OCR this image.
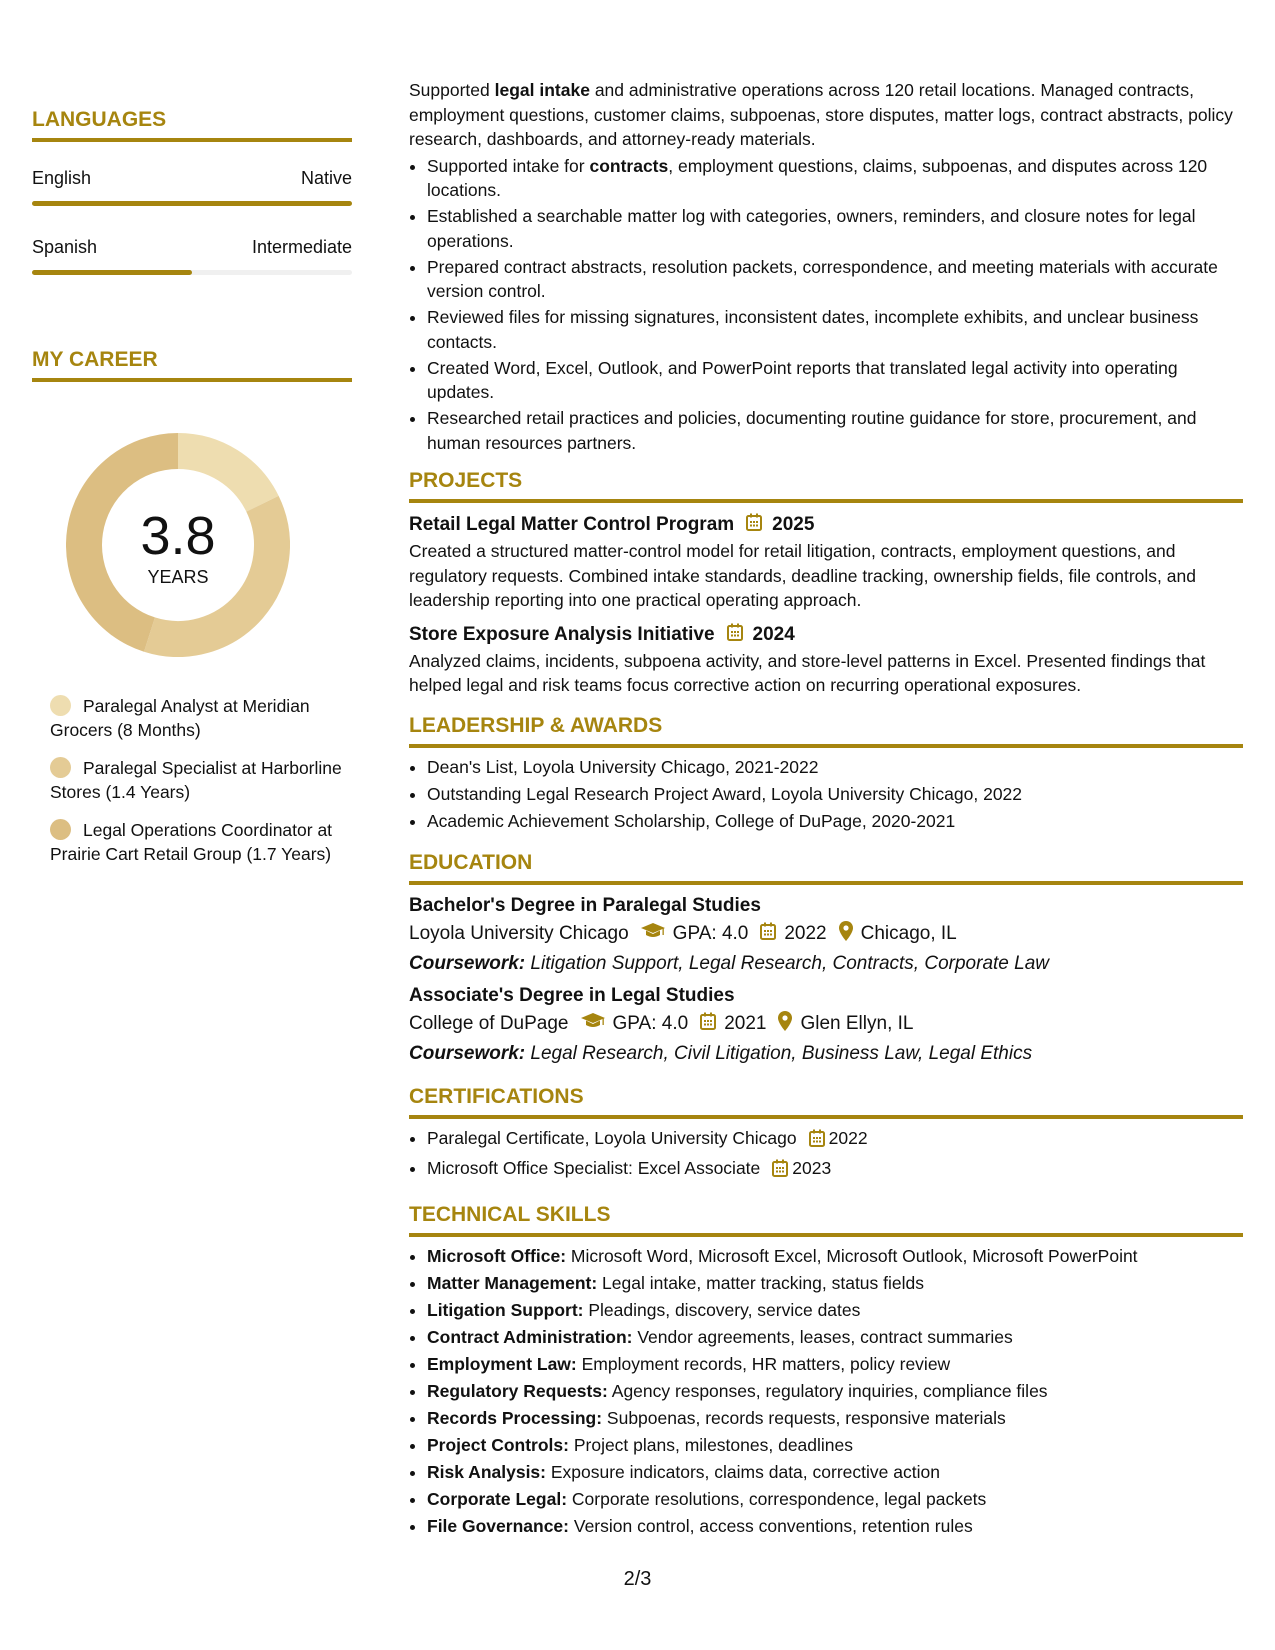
LANGUAGES
English	Native
Spanish	Intermediate
MY CAREER
3.8
YEARS
Paralegal Analyst at Meridian Grocers (8 Months)
Paralegal Specialist at Harborline Stores (1.4 Years)
Legal Operations Coordinator at Prairie Cart Retail Group (1.7 Years)

Supported legal intake and administrative operations across 120 retail locations. Managed contracts, employment questions, customer claims, subpoenas, store disputes, matter logs, contract abstracts, policy research, dashboards, and attorney-ready materials.

• Supported intake for contracts, employment questions, claims, subpoenas, and disputes across 120 locations.
• Established a searchable matter log with categories, owners, reminders, and closure notes for legal operations.
• Prepared contract abstracts, resolution packets, correspondence, and meeting materials with accurate version control.
• Reviewed files for missing signatures, inconsistent dates, incomplete exhibits, and unclear business contacts.
• Created Word, Excel, Outlook, and PowerPoint reports that translated legal activity into operating updates.
• Researched retail practices and policies, documenting routine guidance for store, procurement, and human resources partners.
PROJECTS
Retail Legal Matter Control Program 2025

Created a structured matter-control model for retail litigation, contracts, employment questions, and regulatory requests. Combined intake standards, deadline tracking, ownership fields, file controls, and leadership reporting into one practical operating approach.

Store Exposure Analysis Initiative 2024

Analyzed claims, incidents, subpoena activity, and store-level patterns in Excel. Presented findings that helped legal and risk teams focus corrective action on recurring operational exposures.

LEADERSHIP & AWARDS
• Dean's List, Loyola University Chicago, 2021-2022
• Outstanding Legal Research Project Award, Loyola University Chicago, 2022
• Academic Achievement Scholarship, College of DuPage, 2020-2021
EDUCATION
Bachelor's Degree in Paralegal Studies
Loyola University Chicago GPA: 4.0 2022 Chicago, IL
Coursework: Litigation Support, Legal Research, Contracts, Corporate Law
Associate's Degree in Legal Studies
College of DuPage GPA: 4.0 2021 Glen Ellyn, IL
Coursework: Legal Research, Civil Litigation, Business Law, Legal Ethics
CERTIFICATIONS
• Paralegal Certificate, Loyola University Chicago 2022
• Microsoft Office Specialist: Excel Associate 2023
TECHNICAL SKILLS
• Microsoft Office: Microsoft Word, Microsoft Excel, Microsoft Outlook, Microsoft PowerPoint
• Matter Management: Legal intake, matter tracking, status fields
• Litigation Support: Pleadings, discovery, service dates
• Contract Administration: Vendor agreements, leases, contract summaries
• Employment Law: Employment records, HR matters, policy review
• Regulatory Requests: Agency responses, regulatory inquiries, compliance files
• Records Processing: Subpoenas, records requests, responsive materials
• Project Controls: Project plans, milestones, deadlines
• Risk Analysis: Exposure indicators, claims data, corrective action
• Corporate Legal: Corporate resolutions, correspondence, legal packets
• File Governance: Version control, access conventions, retention rules
2/3
